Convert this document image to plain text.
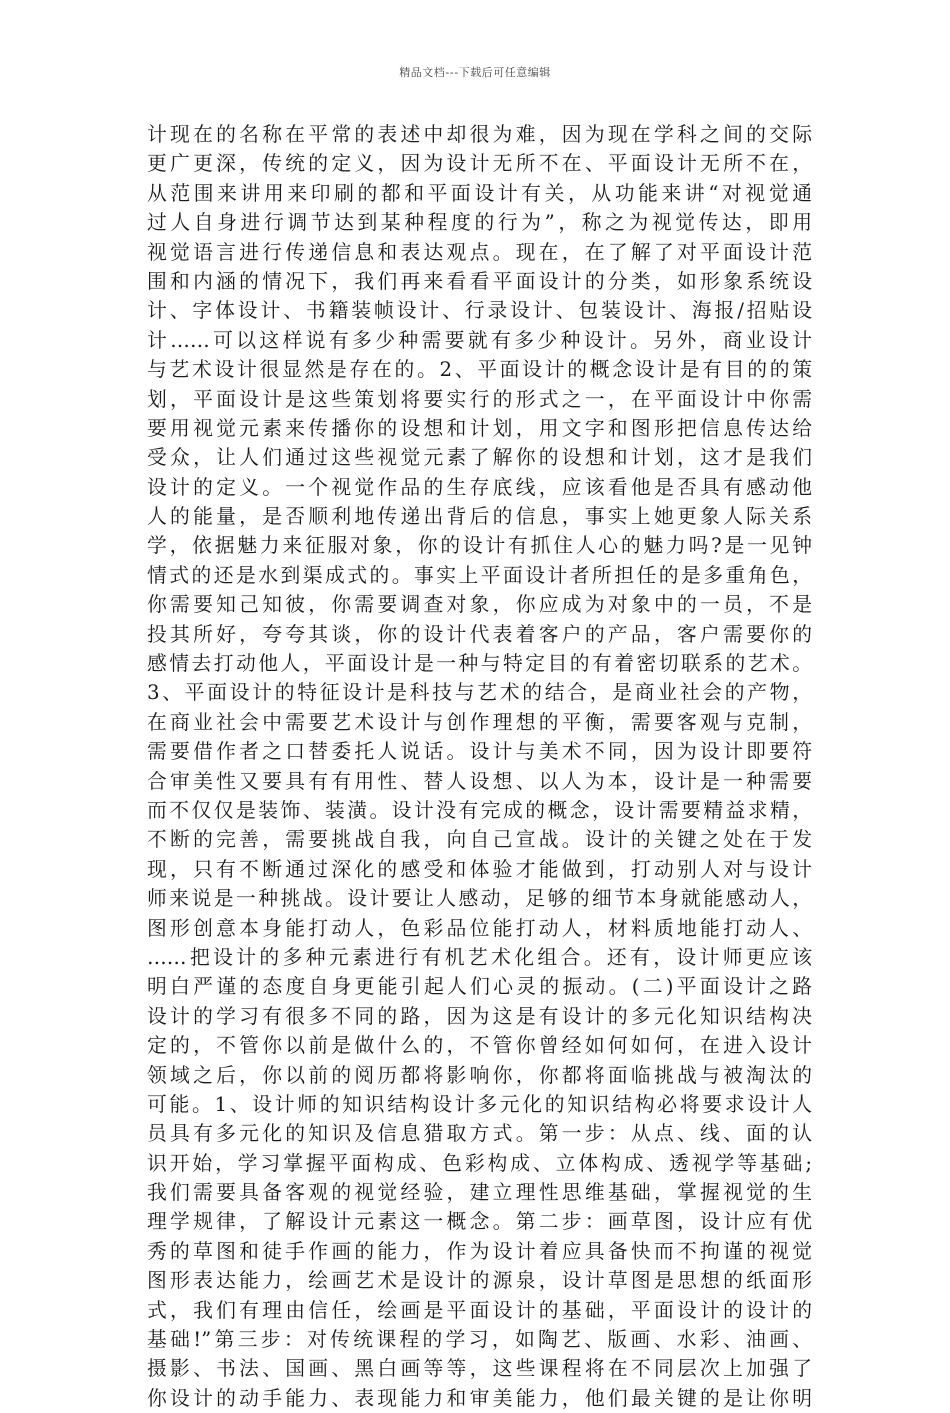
精品文档---下载后可任意编辑
计现在的名称在平常的表述中却很为难，因为现在学科之间的交际
更广更深，传统的定义，因为设计无所不在、平面设计无所不在，
从范围来讲用来印刷的都和平面设计有关，从功能来讲“对视觉通
过人自身进行调节达到某种程度的行为”，称之为视觉传达，即用
视觉语言进行传递信息和表达观点。现在，在了解了对平面设计范
围和内涵的情况下，我们再来看看平面设计的分类，如形象系统设
计、字体设计、书籍装帧设计、行录设计、包装设计、海报/招贴设
计……可以这样说有多少种需要就有多少种设计。另外，商业设计
与艺术设计很显然是存在的。2、平面设计的概念设计是有目的的策
划，平面设计是这些策划将要实行的形式之一，在平面设计中你需
要用视觉元素来传播你的设想和计划，用文字和图形把信息传达给
受众，让人们通过这些视觉元素了解你的设想和计划，这才是我们
设计的定义。一个视觉作品的生存底线，应该看他是否具有感动他
人的能量，是否顺利地传递出背后的信息，事实上她更象人际关系
学，依据魅力来征服对象，你的设计有抓住人心的魅力吗?是一见钟
情式的还是水到渠成式的。事实上平面设计者所担任的是多重角色，
你需要知己知彼，你需要调查对象，你应成为对象中的一员，不是
投其所好，夸夸其谈，你的设计代表着客户的产品，客户需要你的
感情去打动他人，平面设计是一种与特定目的有着密切联系的艺术。
3、平面设计的特征设计是科技与艺术的结合，是商业社会的产物，
在商业社会中需要艺术设计与创作理想的平衡，需要客观与克制，
需要借作者之口替委托人说话。设计与美术不同，因为设计即要符
合审美性又要具有有用性、替人设想、以人为本，设计是一种需要
而不仅仅是装饰、装潢。设计没有完成的概念，设计需要精益求精，
不断的完善，需要挑战自我，向自己宣战。设计的关键之处在于发
现，只有不断通过深化的感受和体验才能做到，打动别人对与设计
师来说是一种挑战。设计要让人感动，足够的细节本身就能感动人，
图形创意本身能打动人，色彩品位能打动人，材料质地能打动人、
……把设计的多种元素进行有机艺术化组合。还有，设计师更应该
明白严谨的态度自身更能引起人们心灵的振动。(二)平面设计之路
设计的学习有很多不同的路，因为这是有设计的多元化知识结构决
定的，不管你以前是做什么的，不管你曾经如何如何，在进入设计
领域之后，你以前的阅历都将影响你，你都将面临挑战与被淘汰的
可能。1、设计师的知识结构设计多元化的知识结构必将要求设计人
员具有多元化的知识及信息猎取方式。第一步：从点、线、面的认
识开始，学习掌握平面构成、色彩构成、立体构成、透视学等基础;
我们需要具备客观的视觉经验，建立理性思维基础，掌握视觉的生
理学规律，了解设计元素这一概念。第二步：画草图，设计应有优
秀的草图和徒手作画的能力，作为设计着应具备快而不拘谨的视觉
图形表达能力，绘画艺术是设计的源泉，设计草图是思想的纸面形
式，我们有理由信任，绘画是平面设计的基础，平面设计的设计的
基础!”第三步：对传统课程的学习，如陶艺、版画、水彩、油画、
摄影、书法、国画、黑白画等等，这些课程将在不同层次上加强了
你设计的动手能力、表现能力和审美能力，他们最关键的是让你明
